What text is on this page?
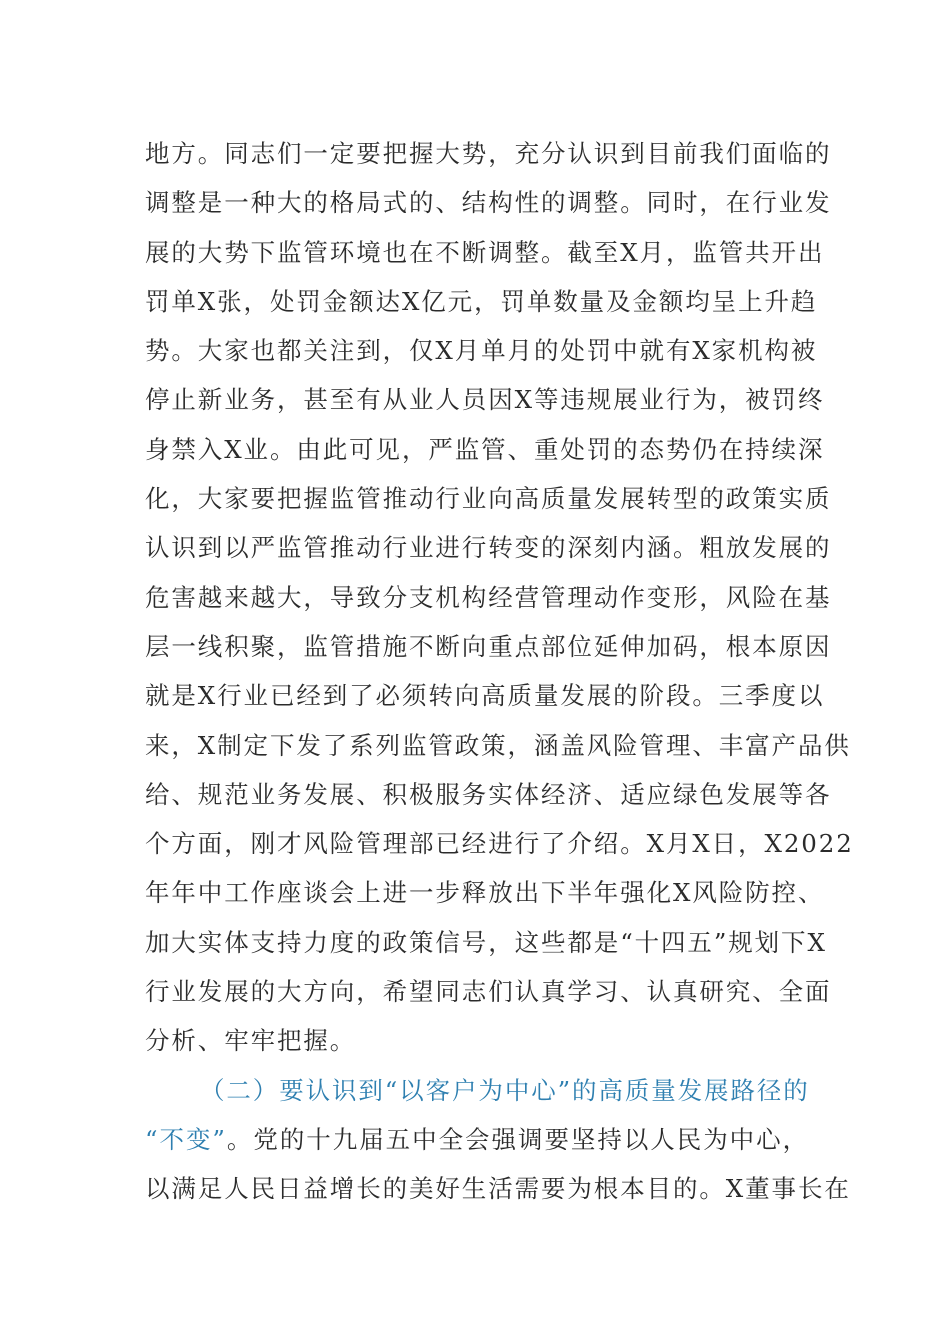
地方。同志们一定要把握大势，充分认识到目前我们面临的
调整是一种大的格局式的、结构性的调整。同时，在行业发
展的大势下监管环境也在不断调整。截至X月，监管共开出
罚单X张，处罚金额达X亿元，罚单数量及金额均呈上升趋
势。大家也都关注到，仅X月单月的处罚中就有X家机构被
停止新业务，甚至有从业人员因X等违规展业行为，被罚终
身禁入X业。由此可见，严监管、重处罚的态势仍在持续深
化，大家要把握监管推动行业向高质量发展转型的政策实质
认识到以严监管推动行业进行转变的深刻内涵。粗放发展的
危害越来越大，导致分支机构经营管理动作变形，风险在基
层一线积聚，监管措施不断向重点部位延伸加码，根本原因
就是X行业已经到了必须转向高质量发展的阶段。三季度以
来，X制定下发了系列监管政策，涵盖风险管理、丰富产品供
给、规范业务发展、积极服务实体经济、适应绿色发展等各
个方面，刚才风险管理部已经进行了介绍。X月X日，X2022
年年中工作座谈会上进一步释放出下半年强化X风险防控、
加大实体支持力度的政策信号，这些都是“十四五”规划下X
行业发展的大方向，希望同志们认真学习、认真研究、全面
分析、牢牢把握。
（二）要认识到“以客户为中心”的高质量发展路径的
“不变”。党的十九届五中全会强调要坚持以人民为中心，
以满足人民日益增长的美好生活需要为根本目的。X董事长在
